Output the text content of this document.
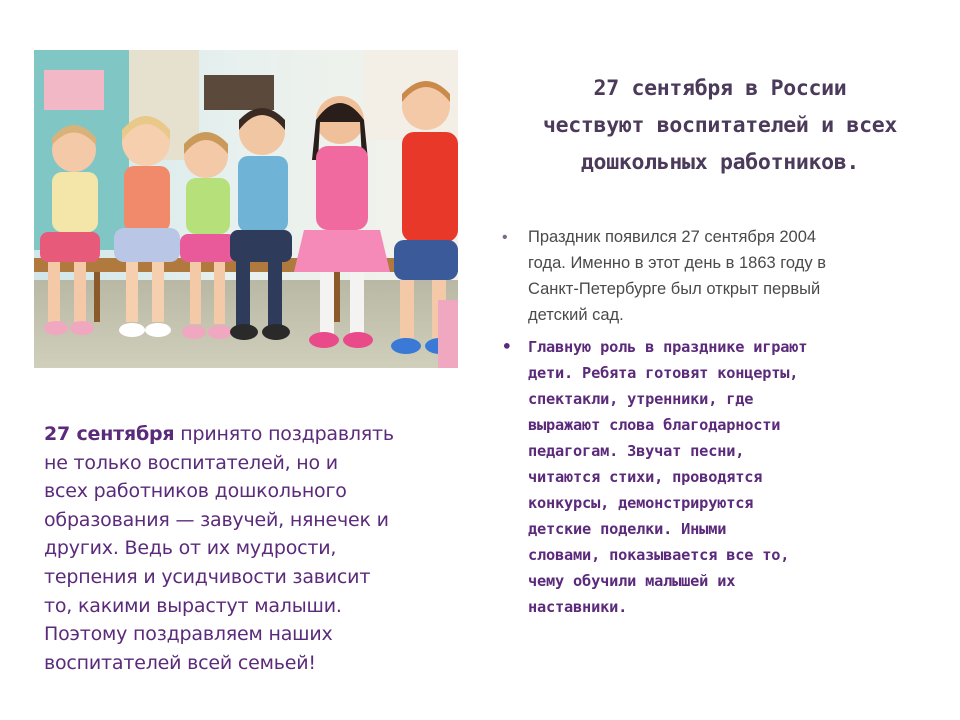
27 сентября в России
чествуют воспитателей и всех
дошкольных работников.
• Праздник появился 27 сентября 2004
года. Именно в этот день в 1863 году в
Санкт-Петербурге был открыт первый
детский сад.
• Главную роль в празднике играют
дети. Ребята готовят концерты,
спектакли, утренники, где
выражают слова благодарности
педагогам. Звучат песни,
читаются стихи, проводятся
конкурсы, демонстрируются
детские поделки. Иными
словами, показывается все то,
чему обучили малышей их
наставники.
27 сентября принято поздравлять
не только воспитателей, но и
всех работников дошкольного
образования — завучей, нянечек и
других. Ведь от их мудрости,
терпения и усидчивости зависит
то, какими вырастут малыши.
Поэтому поздравляем наших
воспитателей всей семьей!
